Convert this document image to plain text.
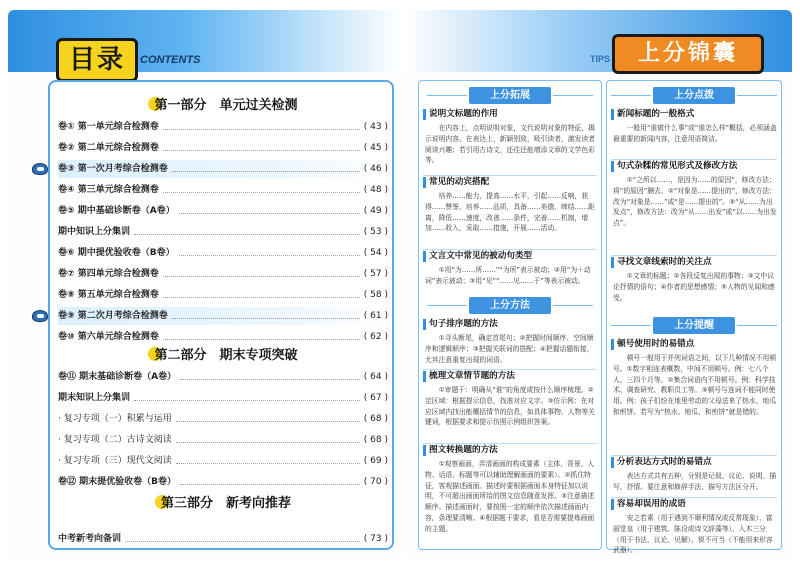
目录	CONTENTS
第一部分　单元过关检测
卷① 第一单元综合检测卷	( 43 )
卷② 第二单元综合检测卷	( 45 )
卷③ 第一次月考综合检测卷	( 46 )
卷④ 第三单元综合检测卷	( 48 )
卷⑤ 期中基础诊断卷（A卷）	( 49 )
期中知识上分集训	( 53 )
卷⑥ 期中提优验收卷（B卷）	( 54 )
卷⑦ 第四单元综合检测卷	( 57 )
卷⑧ 第五单元综合检测卷	( 58 )
卷⑨ 第二次月考综合检测卷	( 61 )
卷⑩ 第六单元综合检测卷	( 62 )
第二部分　期末专项突破
卷⑪ 期末基础诊断卷（A卷）	( 64 )
期末知识上分集训	( 67 )
· 复习专项（一）积累与运用	( 68 )
· 复习专项（二）古诗文阅读	( 68 )
· 复习专项（三）现代文阅读	( 69 )
卷⑫ 期末提优验收卷（B卷）	( 70 )
第三部分　新考向推荐
中考新考向备训	( 73 )
TIPS	上分锦囊
上分拓展
说明文标题的作用
　　在内容上，点明说明对象，文代说明对象的特征，揭示说明内容。在表达上，新颖别致，吸引读者，激发读者阅读兴趣；若引用古诗文，还往还能增添文章的文学色彩等。
常见的动宾搭配
　　培养……能力，提高……水平，引起……反响，获得……赞誉，培养……品质，具备……美德，缔结……距离，降低……速度，改善……条件，完善……机制，增加……收入，采取……措施，开展……活动。
文言文中常见的被动句类型
　　①用“为……所……”“为所”表示被动；②用“为＋动词”表示被动；③用“见”“……见……于”等表示被动。
上分方法
句子排序题的方法
　　①寻头断尾，确定首尾句；②把握时间顺序、空间顺序和逻辑顺序；③把握关联词的搭配；④把握话题衔接，尤其注意重复出现的词语。
梳理文章情节题的方法
　　①审题干：明确从“谁”的角度或按什么顺序梳理。②定区域：根据提示信息，找准对应文字。③仿示例：在对应区域内找出能概括情节的信息，如具体事物、人物等关键词，根据要求和提示仿照示例组织答案。
图文转换题的方法
　　①观察画面，弄清画面的构成要素（主体、背景、人物、话语、标题等可以辅助理解画面的要素）。②抓住特征，客观描述画面。描述时要根据画面本身特征加以说明，不可超出画面所给的图文信息随意发挥。③注意描述顺序。描述画面时，要按照一定的顺序依次描述画面内容，条理要清晰。④根据题干要求，看是否需要提炼画面的主题。
上分点拨
新闻标题的一般格式
　　一般用“谁做什么事”或“谁怎么样”概括，必须涵盖最重要的新闻内容，注意用语简洁。
句式杂糅的常见形式及修改方法
　　①“之所以……，是因为……的原因”，修改方法：将“的原因”删去。②“对象是……提出的”，修改方法：改为“对象是……”或“是……提出的”。③“从……为出发点”，修改方法：改为“从……出发”或“以……为出发点”。
寻找文章线索时的关注点
　　①文章的标题；②各段反复出现的事物；③文中议论抒情的语句；④作者的思想感情；⑤人物的见闻和感受。
上分提醒
顿号使用时的易错点
　　顿号一般用于并列词语之间，以下几种情况不用顿号。①数字相连表概数，中间不用顿号。例：七八个人、三四个月等。②集合词语内不用顿号。例：科学技术、调查研究、教职员工等。③顿号与连词不能同时使用。例：孩子们纷在地里劳动的父母送来了热水、地瓜和煎饼。若写为“热水、地瓜、和煎饼”就是错的。
分析表达方式时的易错点
　　表达方式共有五种，分别是记叙、议论、说明、描写、抒情。要注意和修辞手法、描写方法区分开。
容易却误用的成语
　　安之若素（用于遇到不顺利情况或反常现象）、富丽堂皇（用于建筑、陈设或诗文辞藻等）、入木三分（用于书法、议论、见解）、锐不可当（不能用来形容武器）。
